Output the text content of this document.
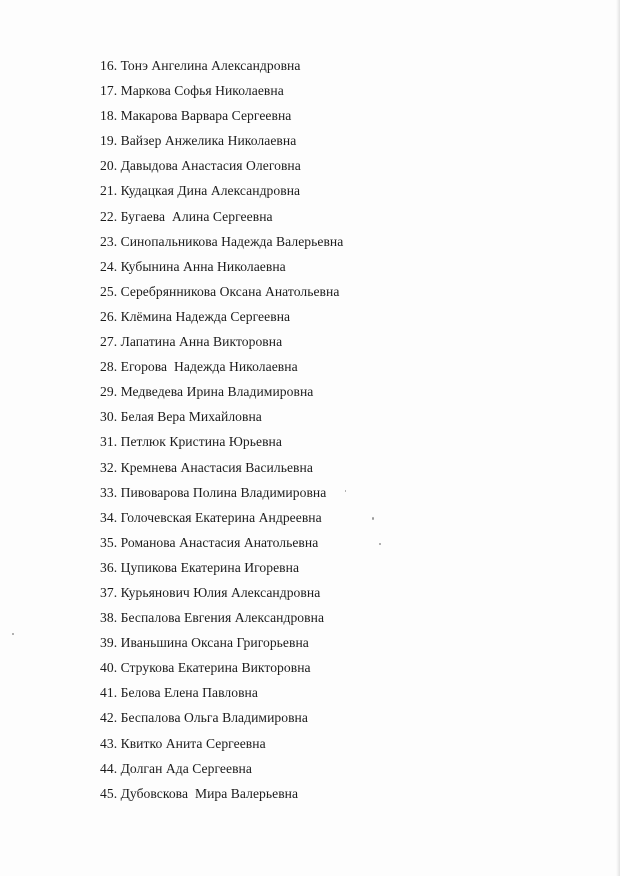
16. Тонэ Ангелина Александровна
17. Маркова Софья Николаевна
18. Макарова Варвара Сергеевна
19. Вайзер Анжелика Николаевна
20. Давыдова Анастасия Олеговна
21. Кудацкая Дина Александровна
22. Бугаева  Алина Сергеевна
23. Синопальникова Надежда Валерьевна
24. Кубынина Анна Николаевна
25. Серебрянникова Оксана Анатольевна
26. Клёмина Надежда Сергеевна
27. Лапатина Анна Викторовна
28. Егорова  Надежда Николаевна
29. Медведева Ирина Владимировна
30. Белая Вера Михайловна
31. Петлюк Кристина Юрьевна
32. Кремнева Анастасия Васильевна
33. Пивоварова Полина Владимировна
34. Голочевская Екатерина Андреевна
35. Романова Анастасия Анатольевна
36. Цупикова Екатерина Игоревна
37. Курьянович Юлия Александровна
38. Беспалова Евгения Александровна
39. Иваньшина Оксана Григорьевна
40. Струкова Екатерина Викторовна
41. Белова Елена Павловна
42. Беспалова Ольга Владимировна
43. Квитко Анита Сергеевна
44. Долган Ада Сергеевна
45. Дубовскова  Мира Валерьевна
